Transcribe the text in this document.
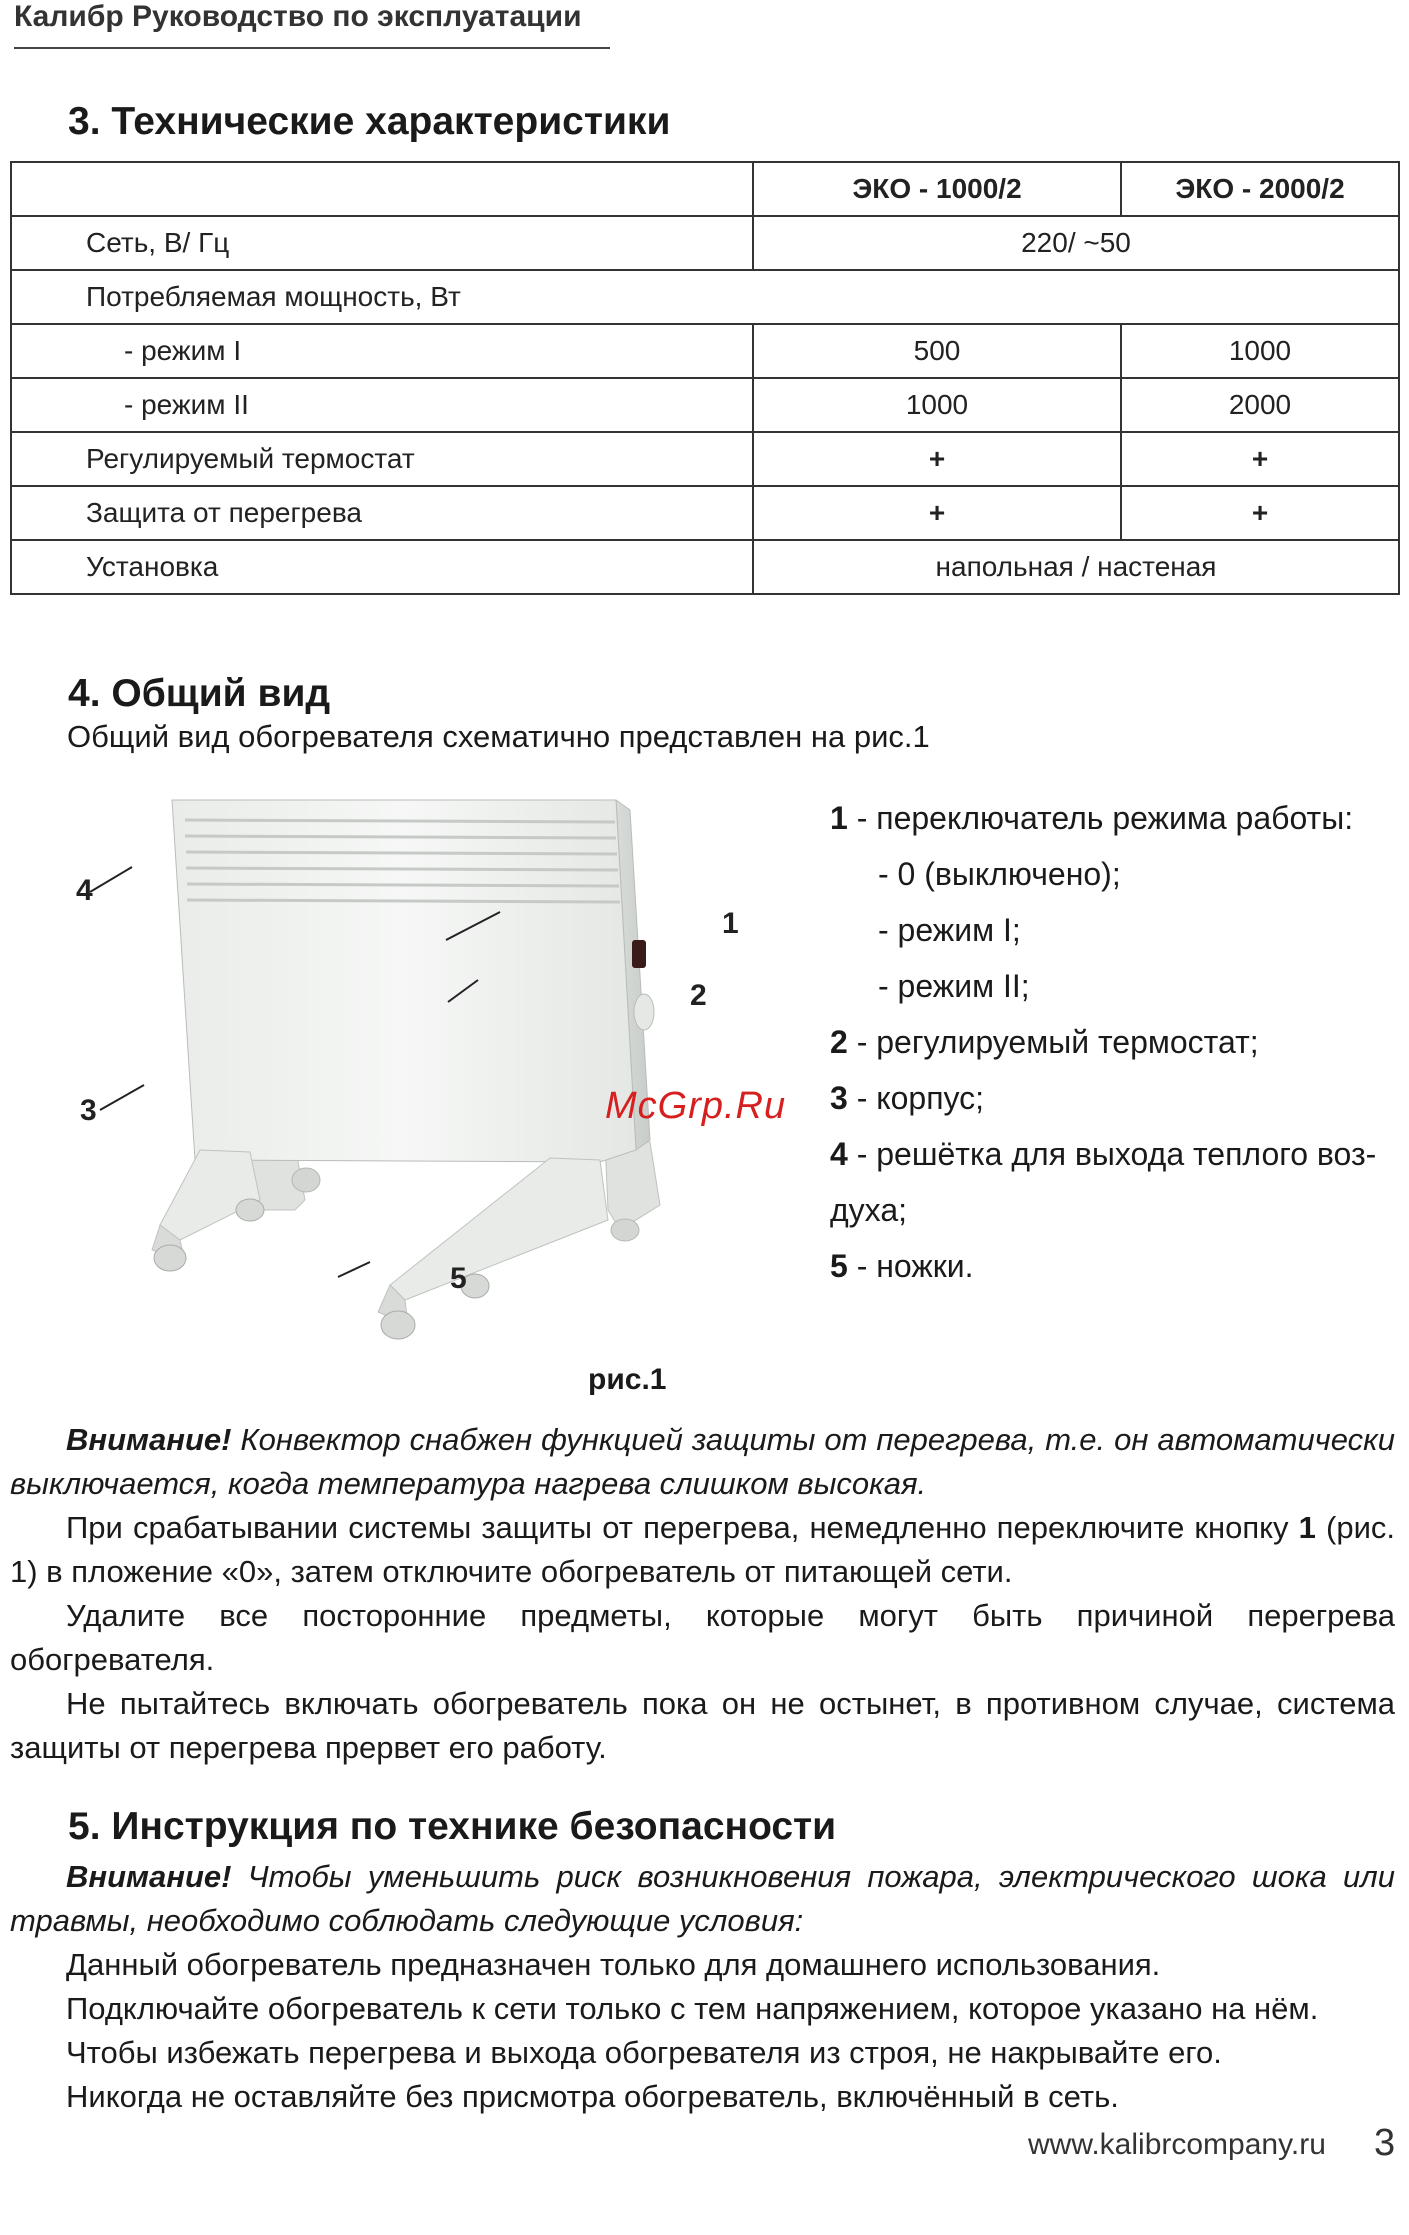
Калибр Руководство по эксплуатации
3. Технические характеристики
	ЭКО - 1000/2	ЭКО - 2000/2
Сеть, В/ Гц	220/ ~50	
Потребляемая мощность, Вт		
- режим I	500	1000
- режим II	1000	2000
Регулируемый термостат	+	+
Защита от перегрева	+	+
Установка	напольная / настеная	
4. Общий вид
Общий вид обогревателя схематично представлен на рис.1
4
3
1
2
5
McGrp.Ru
1 - переключатель режима работы:
- 0 (выключено);
- режим I;
- режим II;
2 - регулируемый термостат;
3 - корпус;
4 - решётка для выхода теплого воз-духа;
5 - ножки.
рис.1
Внимание! Конвектор снабжен функцией защиты от перегрева, т.е. он автоматически выключается, когда температура нагрева слишком высокая.
При срабатывании системы защиты от перегрева, немедленно переключите кнопку 1 (рис. 1) в пложение «0», затем отключите обогреватель от питающей сети.
Удалите все посторонние предметы, которые могут быть причиной перегрева обогревателя.
Не пытайтесь включать обогреватель пока он не остынет, в противном случае, система защиты от перегрева прервет его работу.
5. Инструкция по технике безопасности
Внимание! Чтобы уменьшить риск возникновения пожара, электрического шока или травмы, необходимо соблюдать следующие условия:
Данный обогреватель предназначен только для домашнего использования.
Подключайте обогреватель к сети только с тем напряжением, которое указано на нём.
Чтобы избежать перегрева и выхода обогревателя из строя, не накрывайте его.
Никогда не оставляйте без присмотра обогреватель, включённый в сеть.
www.kalibrcompany.ru 3
